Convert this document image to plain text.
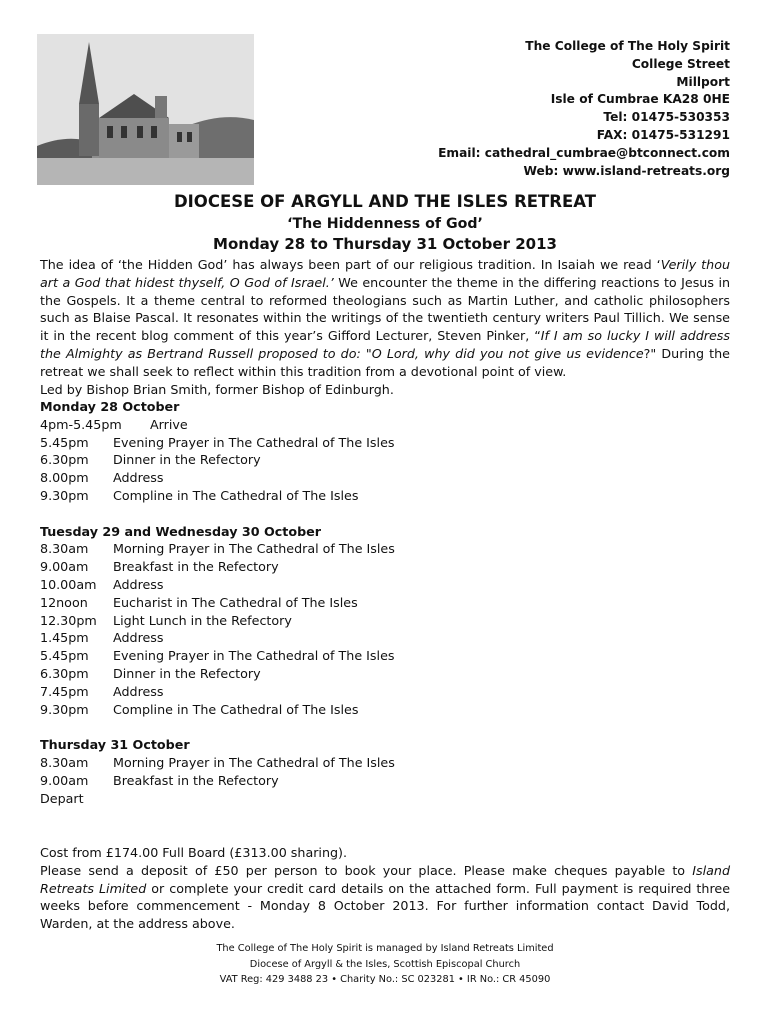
The College of The Holy Spirit
College Street
Millport
Isle of Cumbrae KA28 0HE
Tel: 01475-530353
FAX: 01475-531291
Email: cathedral_cumbrae@btconnect.com
Web: www.island-retreats.org
DIOCESE OF ARGYLL AND THE ISLES RETREAT
‘The Hiddenness of God’
Monday 28 to Thursday 31 October 2013
The idea of ‘the Hidden God’ has always been part of our religious tradition. In Isaiah we read ‘Verily thou art a God that hidest thyself, O God of Israel.’ We encounter the theme in the differing reactions to Jesus in the Gospels. It a theme central to reformed theologians such as Martin Luther, and catholic philosophers such as Blaise Pascal. It resonates within the writings of the twentieth century writers Paul Tillich. We sense it in the recent blog comment of this year’s Gifford Lecturer, Steven Pinker, “If I am so lucky I will address the Almighty as Bertrand Russell proposed to do: "O Lord, why did you not give us evidence?" During the retreat we shall seek to reflect within this tradition from a devotional point of view.
Led by Bishop Brian Smith, former Bishop of Edinburgh.
Monday 28 October
4pm-5.45pm	Arrive
5.45pm	Evening Prayer in The Cathedral of The Isles
6.30pm	Dinner in the Refectory
8.00pm	Address
9.30pm	Compline in The Cathedral of The Isles
Tuesday 29 and Wednesday 30 October
8.30am	Morning Prayer in The Cathedral of The Isles
9.00am	Breakfast in the Refectory
10.00am	Address
12noon	Eucharist in The Cathedral of The Isles
12.30pm	Light Lunch in the Refectory
1.45pm	Address
5.45pm	Evening Prayer in The Cathedral of The Isles
6.30pm	Dinner in the Refectory
7.45pm	Address
9.30pm	Compline in The Cathedral of The Isles
Thursday 31 October
8.30am	Morning Prayer in The Cathedral of The Isles
9.00am	Breakfast in the Refectory
Depart
Cost from £174.00 Full Board (£313.00 sharing).
Please send a deposit of £50 per person to book your place. Please make cheques payable to Island Retreats Limited or complete your credit card details on the attached form. Full payment is required three weeks before commencement - Monday 8 October 2013. For further information contact David Todd, Warden, at the address above.
The College of The Holy Spirit is managed by Island Retreats Limited
Diocese of Argyll & the Isles, Scottish Episcopal Church
VAT Reg: 429 3488 23 • Charity No.: SC 023281 • IR No.: CR 45090
